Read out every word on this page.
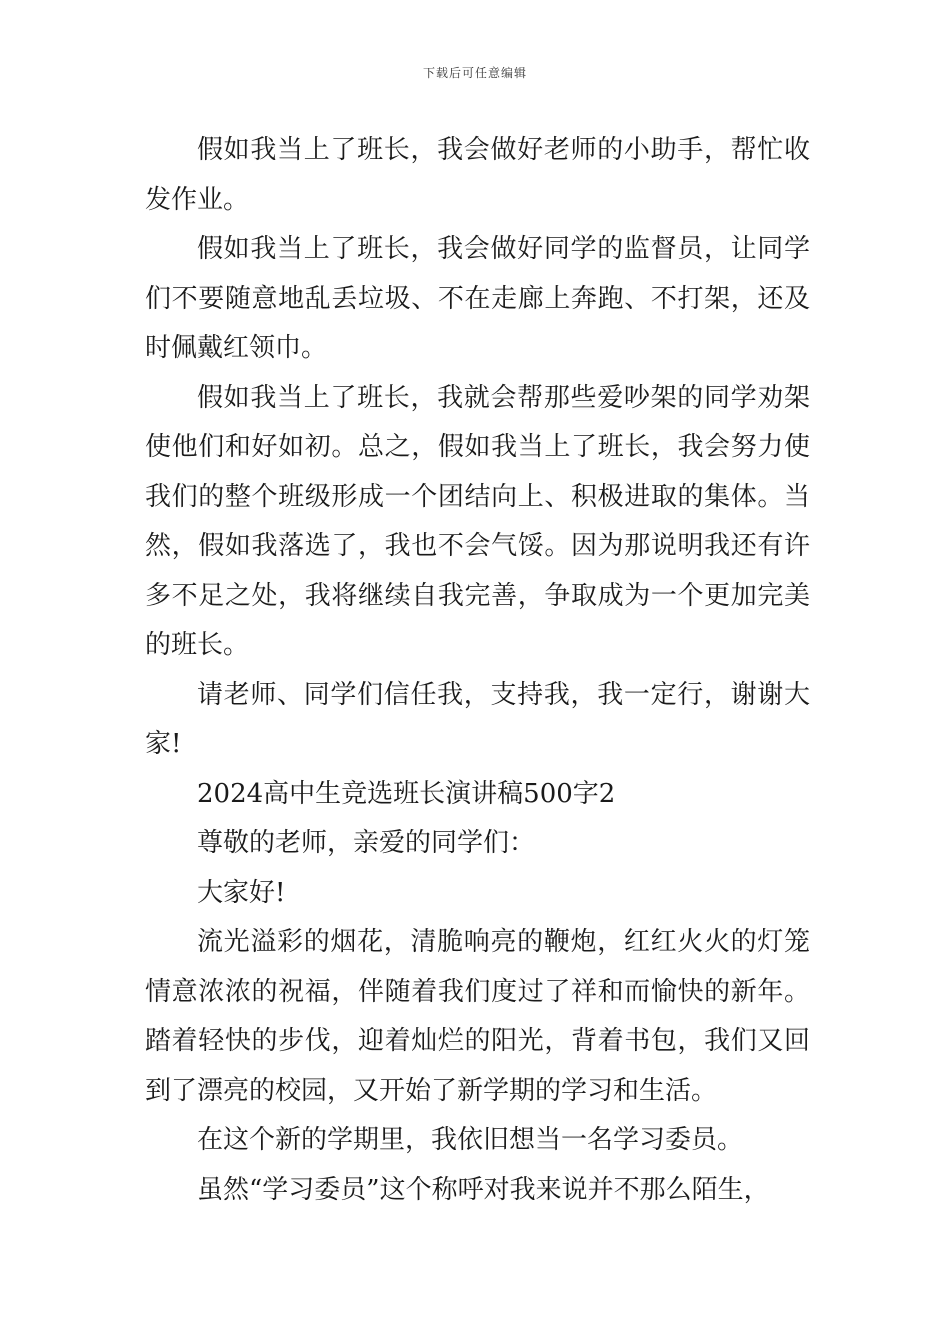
下载后可任意编辑

假如我当上了班长，我会做好老师的小助手，帮忙收发作业。

假如我当上了班长，我会做好同学的监督员，让同学们不要随意地乱丢垃圾、不在走廊上奔跑、不打架，还及时佩戴红领巾。

假如我当上了班长，我就会帮那些爱吵架的同学劝架使他们和好如初。总之，假如我当上了班长，我会努力使我们的整个班级形成一个团结向上、积极进取的集体。当然，假如我落选了，我也不会气馁。因为那说明我还有许多不足之处，我将继续自我完善，争取成为一个更加完美的班长。

请老师、同学们信任我，支持我，我一定行，谢谢大家!

2024高中生竞选班长演讲稿500字2

尊敬的老师，亲爱的同学们：

大家好!

流光溢彩的烟花，清脆响亮的鞭炮，红红火火的灯笼情意浓浓的祝福，伴随着我们度过了祥和而愉快的新年。踏着轻快的步伐，迎着灿烂的阳光，背着书包，我们又回到了漂亮的校园，又开始了新学期的学习和生活。

在这个新的学期里，我依旧想当一名学习委员。

虽然“学习委员”这个称呼对我来说并不那么陌生，
